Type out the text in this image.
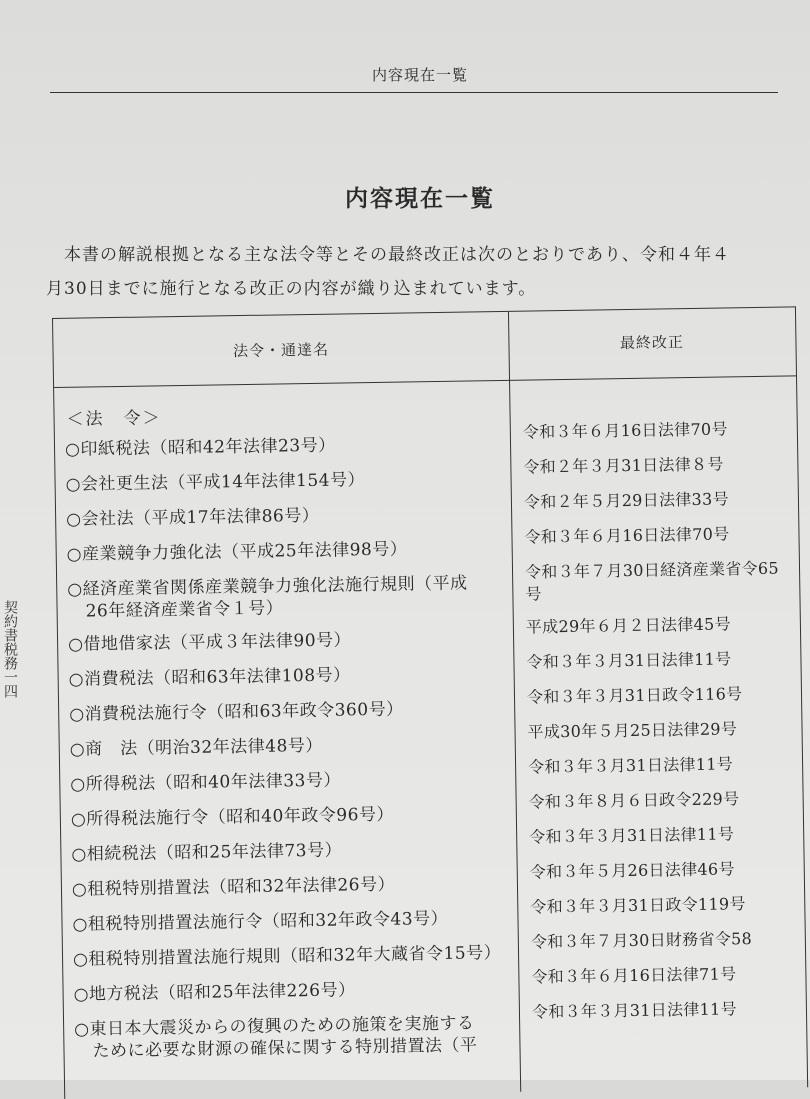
内容現在一覧
内容現在一覧
本書の解説根拠となる主な法令等とその最終改正は次のとおりであり、令和４年４
月30日までに施行となる改正の内容が織り込まれています。
契約書税務一四
法令・通達名	最終改正
＜法　令＞
○印紙税法（昭和42年法律23号）
○会社更生法（平成14年法律154号）
○会社法（平成17年法律86号）
○産業競争力強化法（平成25年法律98号）
○経済産業省関係産業競争力強化法施行規則（平成
26年経済産業省令１号）
○借地借家法（平成３年法律90号）
○消費税法（昭和63年法律108号）
○消費税法施行令（昭和63年政令360号）
○商　法（明治32年法律48号）
○所得税法（昭和40年法律33号）
○所得税法施行令（昭和40年政令96号）
○相続税法（昭和25年法律73号）
○租税特別措置法（昭和32年法律26号）
○租税特別措置法施行令（昭和32年政令43号）
○租税特別措置法施行規則（昭和32年大蔵省令15号）
○地方税法（昭和25年法律226号）
○東日本大震災からの復興のための施策を実施する
ために必要な財源の確保に関する特別措置法（平
令和３年６月16日法律70号
令和２年３月31日法律８号
令和２年５月29日法律33号
令和３年６月16日法律70号
令和３年７月30日経済産業省令65
号
平成29年６月２日法律45号
令和３年３月31日法律11号
令和３年３月31日政令116号
平成30年５月25日法律29号
令和３年３月31日法律11号
令和３年８月６日政令229号
令和３年３月31日法律11号
令和３年５月26日法律46号
令和３年３月31日政令119号
令和３年７月30日財務省令58
令和３年６月16日法律71号
令和３年３月31日法律11号
